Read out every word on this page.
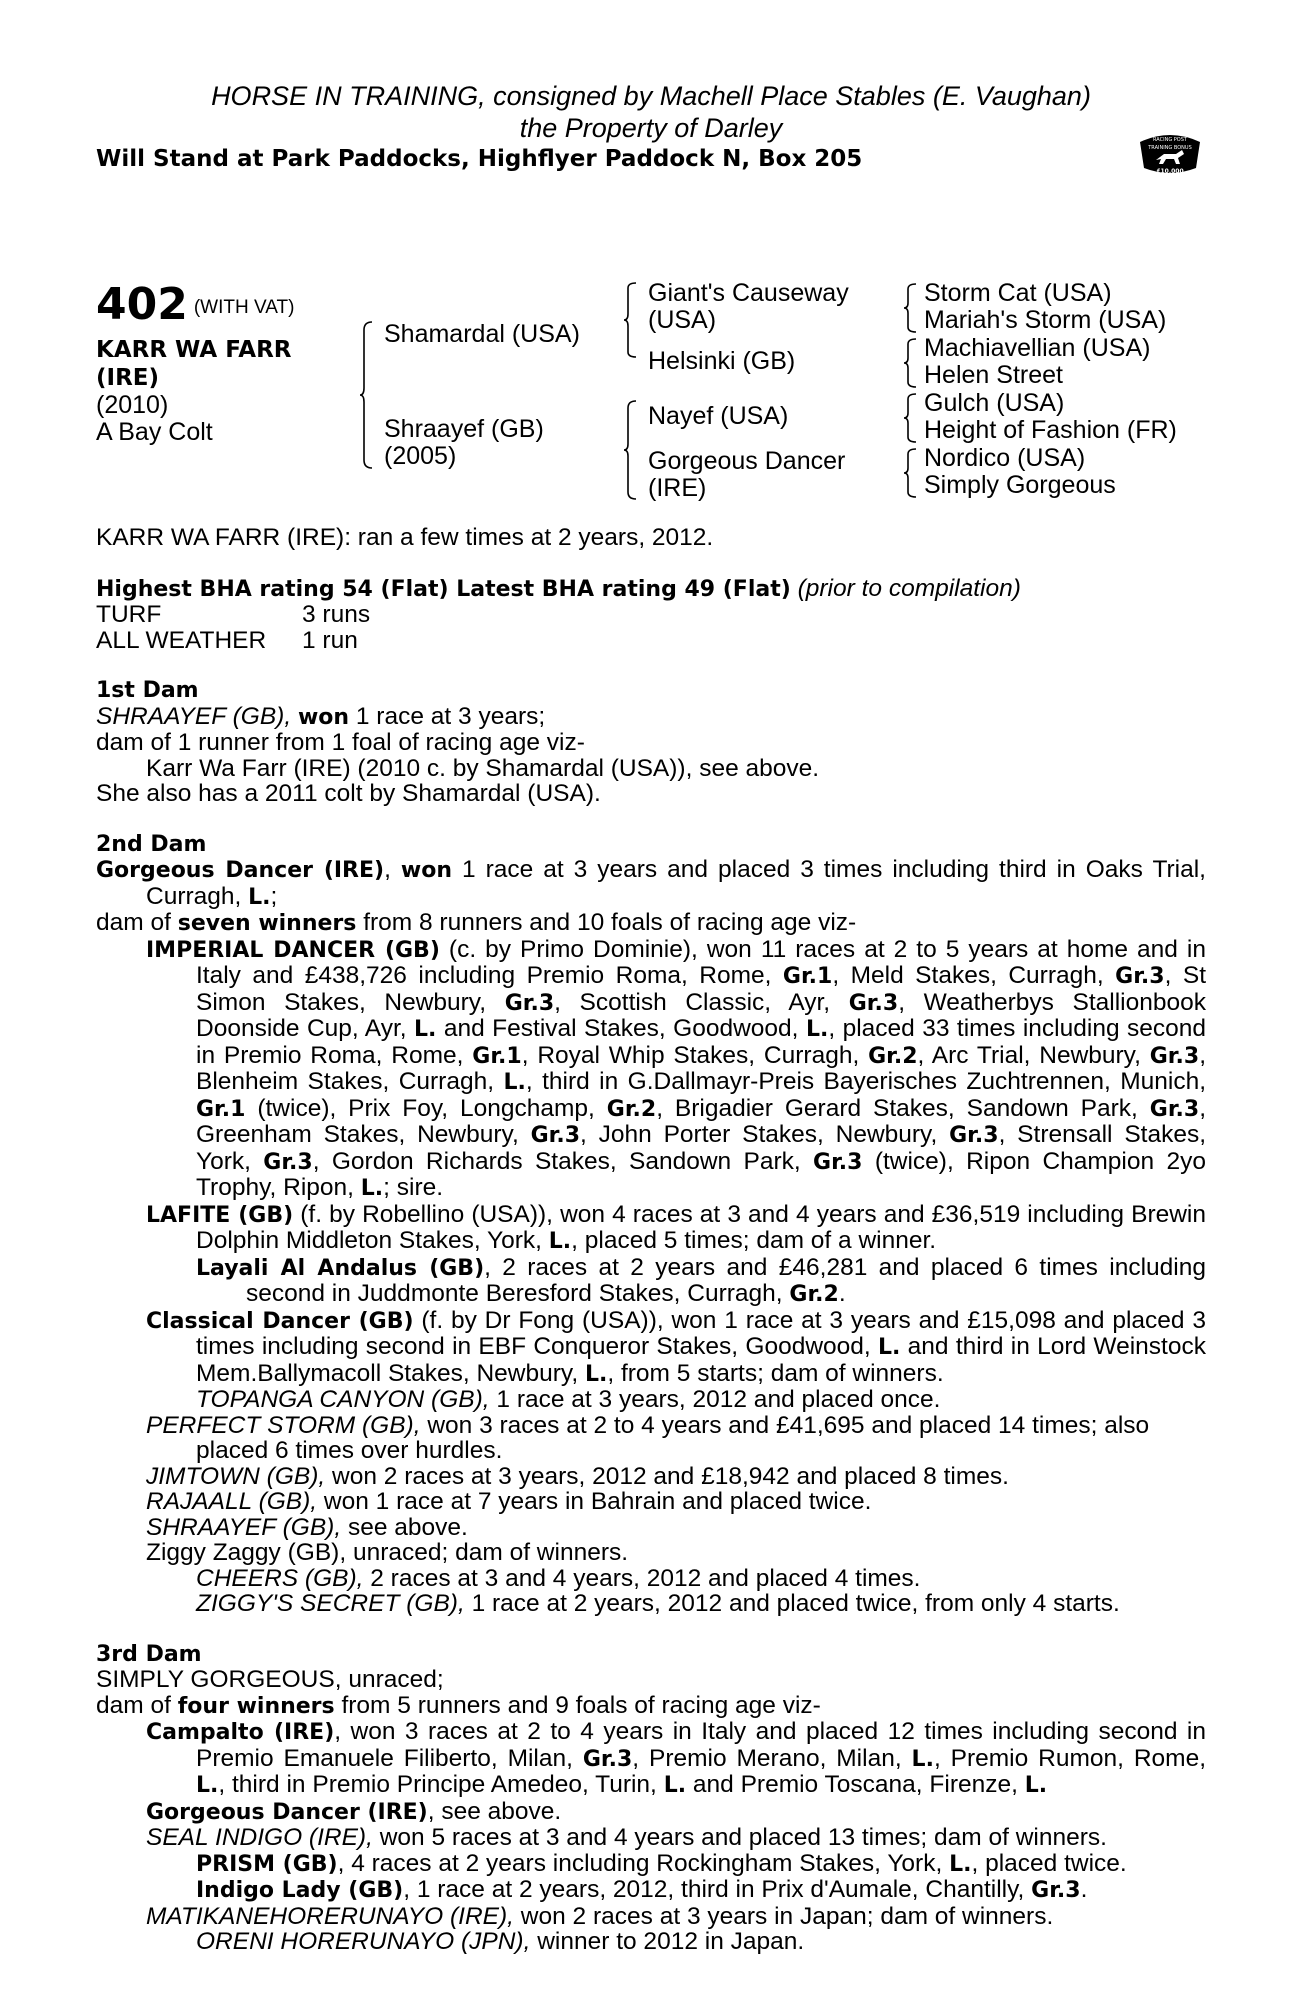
HORSE IN TRAINING, consigned by Machell Place Stables (E. Vaughan)
the Property of Darley
Will Stand at Park Paddocks, Highflyer Paddock N, Box 205
RACING POST
TRAINING BONUS
£10,000
402 $^{(WITH VAT)}$
KARR WA FARR
(IRE)
(2010)
A Bay Colt
Shamardal (USA)
Shraayef (GB)
(2005)
Giant's Causeway
(USA)
Helsinki (GB)
Nayef (USA)
Gorgeous Dancer
(IRE)
Storm Cat (USA)
Mariah's Storm (USA)
Machiavellian (USA)
Helen Street
Gulch (USA)
Height of Fashion (FR)
Nordico (USA)
Simply Gorgeous

KARR WA FARR (IRE): ran a few times at 2 years, 2012.

Highest BHA rating 54 (Flat) Latest BHA rating 49 (Flat) (prior to compilation)

TURF	3 runs

ALL WEATHER 1 run

1st Dam

SHRAAYEF (GB), won 1 race at 3 years;

dam of 1 runner from 1 foal of racing age viz-

Karr Wa Farr (IRE) (2010 c. by Shamardal (USA)), see above.

She also has a 2011 colt by Shamardal (USA).

2nd Dam

Gorgeous Dancer (IRE), won 1 race at 3 years and placed 3 times including third in Oaks Trial, Curragh, L.;

dam of seven winners from 8 runners and 10 foals of racing age viz-

IMPERIAL DANCER (GB) (c. by Primo Dominie), won 11 races at 2 to 5 years at home and in Italy and £438,726 including Premio Roma, Rome, Gr.1, Meld Stakes, Curragh, Gr.3, St Simon Stakes, Newbury, Gr.3, Scottish Classic, Ayr, Gr.3, Weatherbys Stallionbook Doonside Cup, Ayr, L. and Festival Stakes, Goodwood, L., placed 33 times including second in Premio Roma, Rome, Gr.1, Royal Whip Stakes, Curragh, Gr.2, Arc Trial, Newbury, Gr.3, Blenheim Stakes, Curragh, L., third in G.Dallmayr-Preis Bayerisches Zuchtrennen, Munich, Gr.1 (twice), Prix Foy, Longchamp, Gr.2, Brigadier Gerard Stakes, Sandown Park, Gr.3, Greenham Stakes, Newbury, Gr.3, John Porter Stakes, Newbury, Gr.3, Strensall Stakes, York, Gr.3, Gordon Richards Stakes, Sandown Park, Gr.3 (twice), Ripon Champion 2yo Trophy, Ripon, L.; sire.

LAFITE (GB) (f. by Robellino (USA)), won 4 races at 3 and 4 years and £36,519 including Brewin Dolphin Middleton Stakes, York, L., placed 5 times; dam of a winner.

Layali Al Andalus (GB), 2 races at 2 years and £46,281 and placed 6 times including second in Juddmonte Beresford Stakes, Curragh, Gr.2.

Classical Dancer (GB) (f. by Dr Fong (USA)), won 1 race at 3 years and £15,098 and placed 3 times including second in EBF Conqueror Stakes, Goodwood, L. and third in Lord Weinstock Mem.Ballymacoll Stakes, Newbury, L., from 5 starts; dam of winners.

TOPANGA CANYON (GB), 1 race at 3 years, 2012 and placed once.

PERFECT STORM (GB), won 3 races at 2 to 4 years and £41,695 and placed 14 times; also placed 6 times over hurdles.

JIMTOWN (GB), won 2 races at 3 years, 2012 and £18,942 and placed 8 times.

RAJAALL (GB), won 1 race at 7 years in Bahrain and placed twice.

SHRAAYEF (GB), see above.

Ziggy Zaggy (GB), unraced; dam of winners.

CHEERS (GB), 2 races at 3 and 4 years, 2012 and placed 4 times.

ZIGGY'S SECRET (GB), 1 race at 2 years, 2012 and placed twice, from only 4 starts.

3rd Dam

SIMPLY GORGEOUS, unraced;

dam of four winners from 5 runners and 9 foals of racing age viz-

Campalto (IRE), won 3 races at 2 to 4 years in Italy and placed 12 times including second in Premio Emanuele Filiberto, Milan, Gr.3, Premio Merano, Milan, L., Premio Rumon, Rome, L., third in Premio Principe Amedeo, Turin, L. and Premio Toscana, Firenze, L.

Gorgeous Dancer (IRE), see above.

SEAL INDIGO (IRE), won 5 races at 3 and 4 years and placed 13 times; dam of winners.

PRISM (GB), 4 races at 2 years including Rockingham Stakes, York, L., placed twice.

Indigo Lady (GB), 1 race at 2 years, 2012, third in Prix d'Aumale, Chantilly, Gr.3.

MATIKANEHORERUNAYO (IRE), won 2 races at 3 years in Japan; dam of winners.

ORENI HORERUNAYO (JPN), winner to 2012 in Japan.
